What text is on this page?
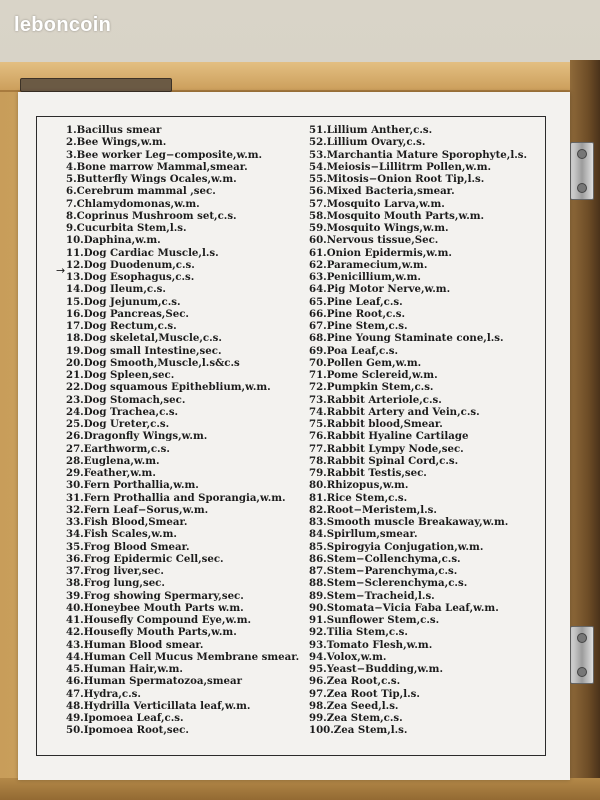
leboncoin
→
1.Bacillus smear
2.Bee Wings,w.m.
3.Bee worker Leg−composite,w.m.
4.Bone marrow Mammal,smear.
5.Butterfly Wings Ocales,w.m.
6.Cerebrum mammal ,sec.
7.Chlamydomonas,w.m.
8.Coprinus Mushroom set,c.s.
9.Cucurbita Stem,l.s.
10.Daphina,w.m.
11.Dog Cardiac Muscle,l.s.
12.Dog Duodenum,c.s.
13.Dog Esophagus,c.s.
14.Dog Ileum,c.s.
15.Dog Jejunum,c.s.
16.Dog Pancreas,Sec.
17.Dog Rectum,c.s.
18.Dog skeletal,Muscle,c.s.
19.Dog small Intestine,sec.
20.Dog Smooth,Muscle,l.s&c.s
21.Dog Spleen,sec.
22.Dog squamous Epitheblium,w.m.
23.Dog Stomach,sec.
24.Dog Trachea,c.s.
25.Dog Ureter,c.s.
26.Dragonfly Wings,w.m.
27.Earthworm,c.s.
28.Euglena,w.m.
29.Feather,w.m.
30.Fern Porthallia,w.m.
31.Fern Prothallia and Sporangia,w.m.
32.Fern Leaf−Sorus,w.m.
33.Fish Blood,Smear.
34.Fish Scales,w.m.
35.Frog Blood Smear.
36.Frog Epidermic Cell,sec.
37.Frog liver,sec.
38.Frog lung,sec.
39.Frog showing Spermary,sec.
40.Honeybee Mouth Parts w.m.
41.Housefly Compound Eye,w.m.
42.Housefly Mouth Parts,w.m.
43.Human Blood smear.
44.Human Cell Mucus Membrane smear.
45.Human Hair,w.m.
46.Human Spermatozoa,smear
47.Hydra,c.s.
48.Hydrilla Verticillata leaf,w.m.
49.Ipomoea Leaf,c.s.
50.Ipomoea Root,sec.
51.Lillium Anther,c.s.
52.Lillium Ovary,c.s.
53.Marchantia Mature Sporophyte,l.s.
54.Meiosis−Lillitrm Pollen,w.m.
55.Mitosis−Onion Root Tip,l.s.
56.Mixed Bacteria,smear.
57.Mosquito Larva,w.m.
58.Mosquito Mouth Parts,w.m.
59.Mosquito Wings,w.m.
60.Nervous tissue,Sec.
61.Onion Epidermis,w.m.
62.Paramecium,w.m.
63.Penicillium,w.m.
64.Pig Motor Nerve,w.m.
65.Pine Leaf,c.s.
66.Pine Root,c.s.
67.Pine Stem,c.s.
68.Pine Young Staminate cone,l.s.
69.Poa Leaf,c.s.
70.Pollen Gem,w.m.
71.Pome Sclereid,w.m.
72.Pumpkin Stem,c.s.
73.Rabbit Arteriole,c.s.
74.Rabbit Artery and Vein,c.s.
75.Rabbit blood,Smear.
76.Rabbit Hyaline Cartilage
77.Rabbit Lympy Node,sec.
78.Rabbit Spinal Cord,c.s.
79.Rabbit Testis,sec.
80.Rhizopus,w.m.
81.Rice Stem,c.s.
82.Root−Meristem,l.s.
83.Smooth muscle Breakaway,w.m.
84.Spirllum,smear.
85.Spirogyia Conjugation,w.m.
86.Stem−Collenchyma,c.s.
87.Stem−Parenchyma,c.s.
88.Stem−Sclerenchyma,c.s.
89.Stem−Tracheid,l.s.
90.Stomata−Vicia Faba Leaf,w.m.
91.Sunflower Stem,c.s.
92.Tilia Stem,c.s.
93.Tomato Flesh,w.m.
94.Volox,w.m.
95.Yeast−Budding,w.m.
96.Zea Root,c.s.
97.Zea Root Tip,l.s.
98.Zea Seed,l.s.
99.Zea Stem,c.s.
100.Zea Stem,l.s.
